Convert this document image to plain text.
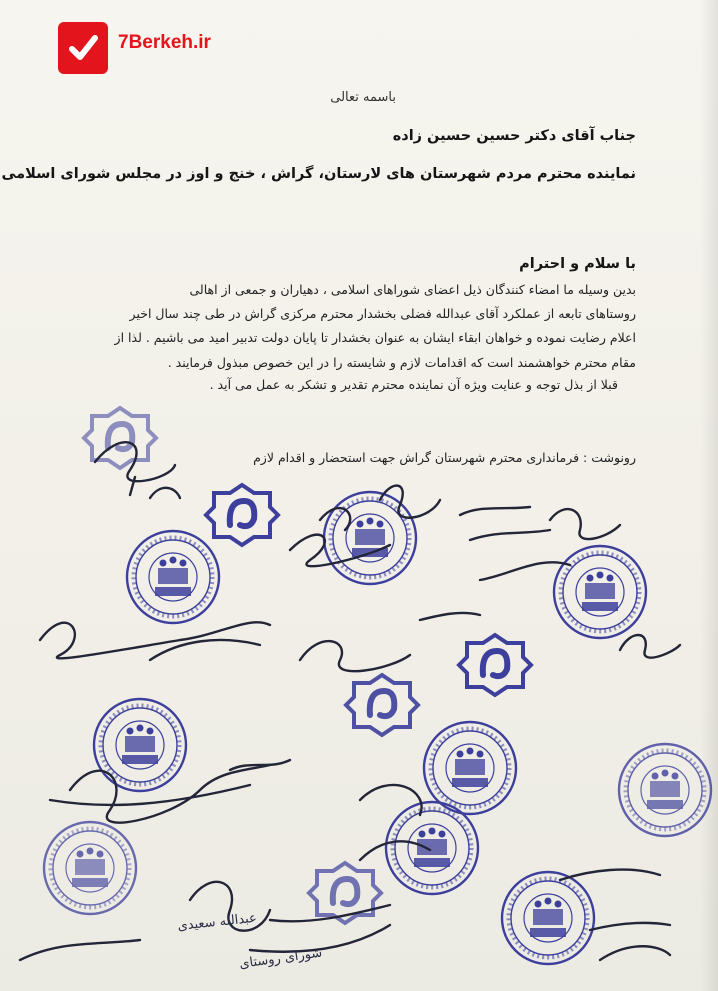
7Berkeh.ir
باسمه تعالی
جناب آقای دکتر حسین حسین زاده
نماینده محترم مردم شهرستان های لارستان، گراش ، خنج و اوز در مجلس شورای اسلامی
با سلام و احترام
بدین وسیله ما امضاء کنندگان ذیل اعضای شوراهای اسلامی ، دهیاران و جمعی از اهالی
روستاهای تابعه از عملکرد آقای عبدالله فضلی بخشدار محترم مرکزی گراش در طی چند سال اخیر
اعلام رضایت نموده و خواهان ابقاء ایشان به عنوان بخشدار تا پایان دولت تدبیر امید می باشیم . لذا از
مقام محترم خواهشمند است که اقدامات لازم و شایسته را در این خصوص مبذول فرمایند .
قبلا از بذل توجه و عنایت ویژه آن نماینده محترم تقدیر و تشکر به عمل می آید .
رونوشت : فرمانداری محترم شهرستان گراش جهت استحضار و اقدام لازم
عبدالله سعیدی
شورای روستای
